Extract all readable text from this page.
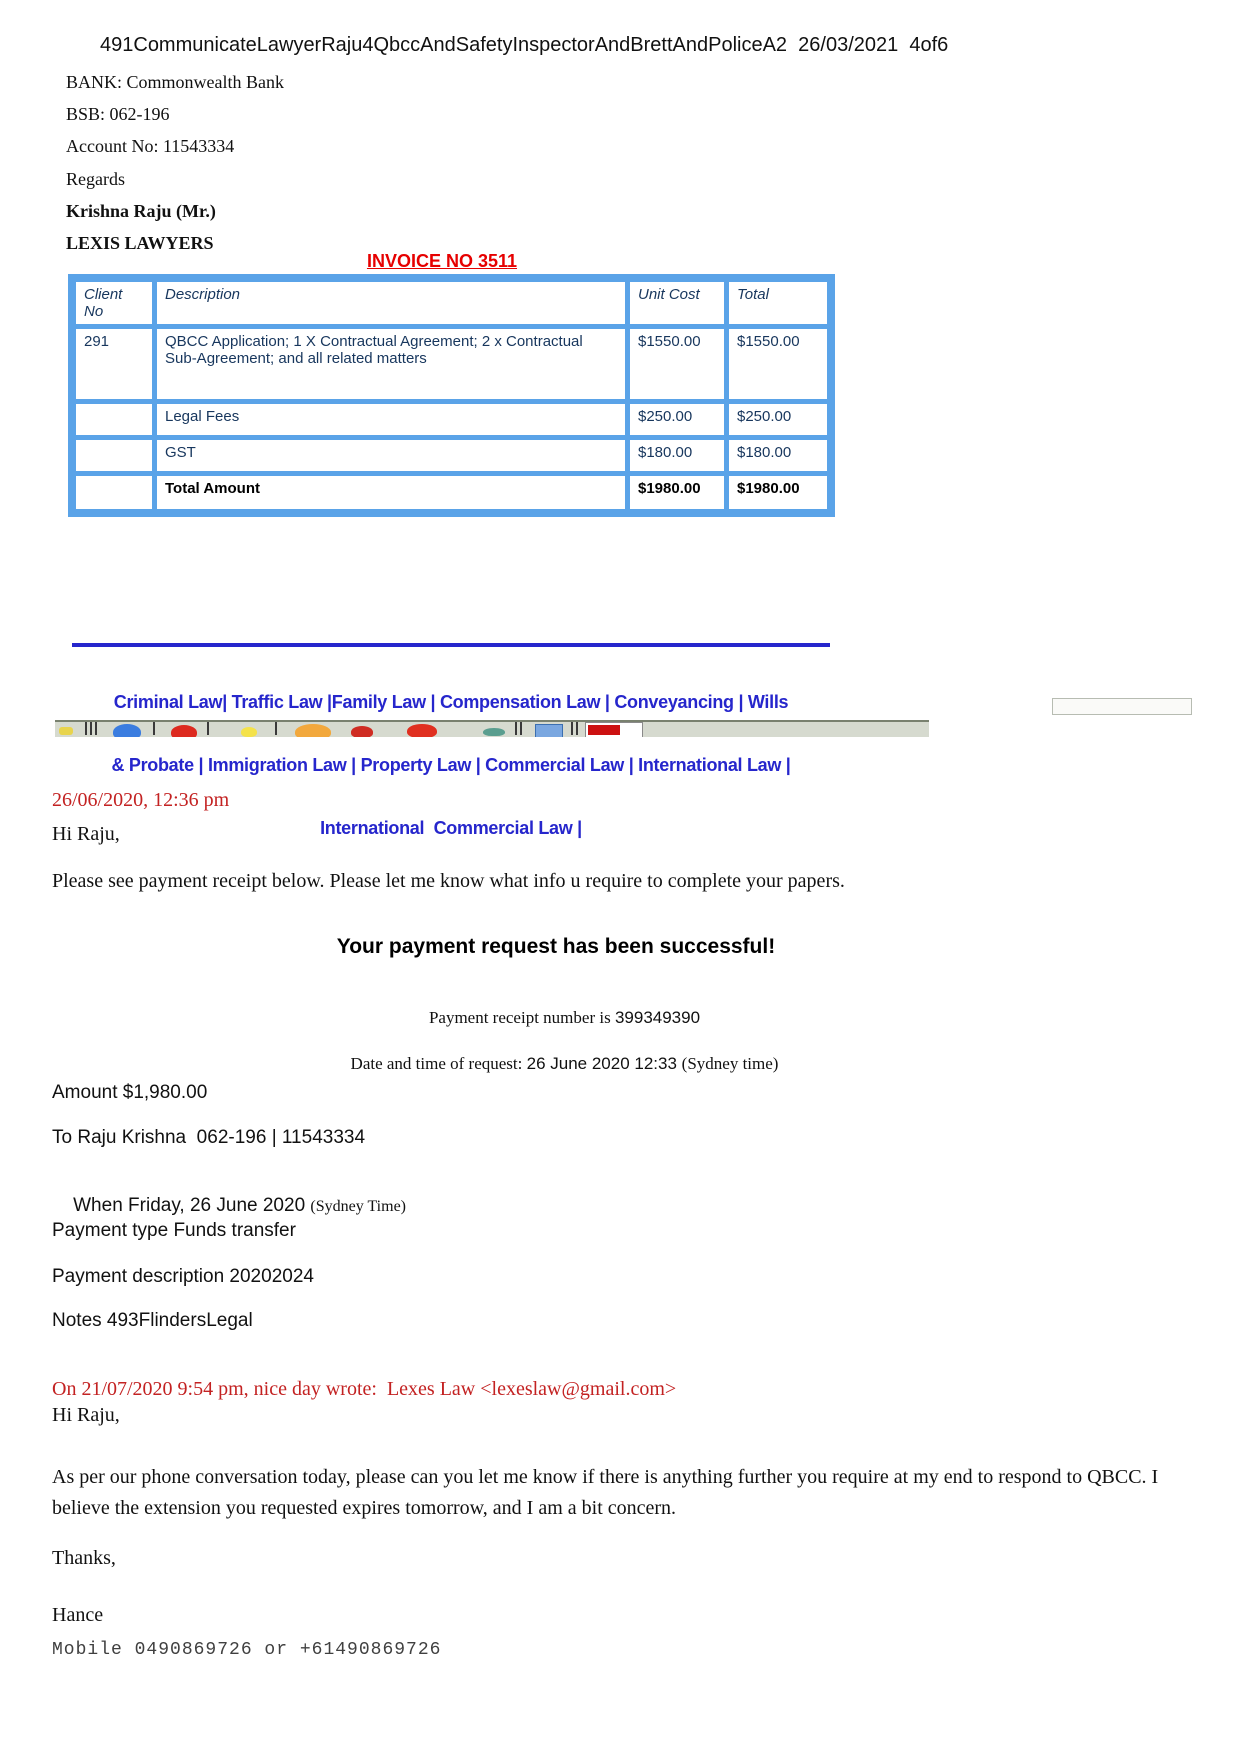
491CommunicateLawyerRaju4QbccAndSafetyInspectorAndBrettAndPoliceA2  26/03/2021  4of6
BANK: Commonwealth Bank
BSB: 062-196
Account No: 11543334
Regards
Krishna Raju (Mr.)
LEXIS LAWYERS
INVOICE NO 3511
Client No	Description	Unit Cost	Total
291	QBCC Application; 1 X Contractual Agreement; 2 x Contractual Sub-Agreement; and all related matters	$1550.00	$1550.00
	Legal Fees	$250.00	$250.00
	GST	$180.00	$180.00
	Total Amount	$1980.00	$1980.00

Criminal Law| Traffic Law |Family Law | Compensation Law | Conveyancing | Wills

& Probate | Immigration Law | Property Law | Commercial Law | International Law |

International  Commercial Law |

26/06/2020, 12:36 pm
Hi Raju,
Please see payment receipt below. Please let me know what info u require to complete your papers.
Your payment request has been successful!

Payment receipt number is 399349390

Date and time of request: 26 June 2020 12:33 (Sydney time)

Amount $1,980.00
To Raju Krishna  062-196 | 11543334

When Friday, 26 June 2020 (Sydney Time)

Payment type Funds transfer
Payment description 20202024
Notes 493FlindersLegal
On 21/07/2020 9:54 pm, nice day wrote:  Lexes Law <lexeslaw@gmail.com>
Hi Raju,
As per our phone conversation today, please can you let me know if there is anything further you require at my end to respond to QBCC. I believe the extension you requested expires tomorrow, and I am a bit concern.
Thanks,
Hance
Mobile 0490869726 or +61490869726
